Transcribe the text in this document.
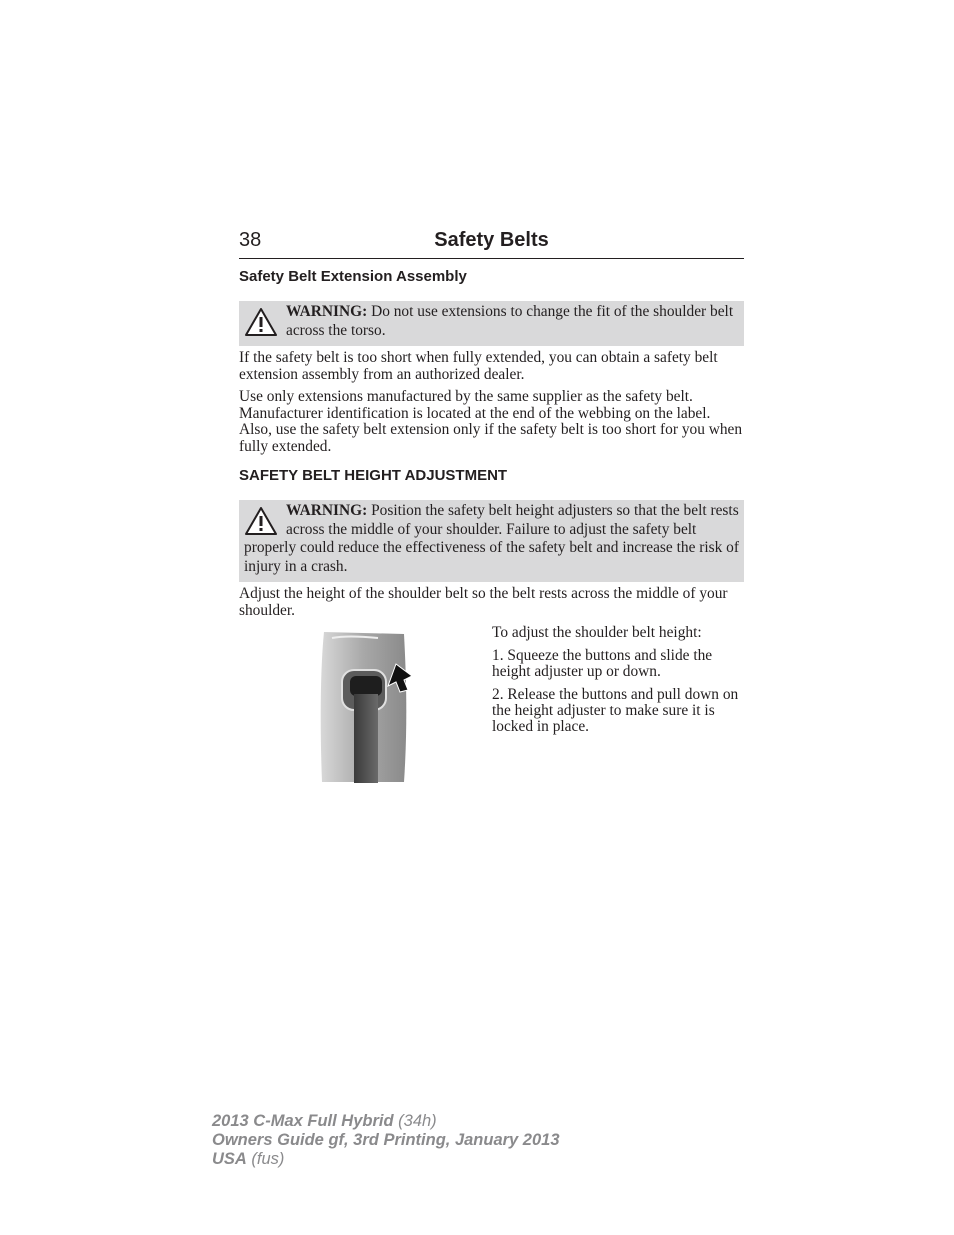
38	Safety Belts
Safety Belt Extension Assembly
WARNING: Do not use extensions to change the fit of the shoulder belt across the torso.

If the safety belt is too short when fully extended, you can obtain a safety belt extension assembly from an authorized dealer.

Use only extensions manufactured by the same supplier as the safety belt. Manufacturer identification is located at the end of the webbing on the label. Also, use the safety belt extension only if the safety belt is too short for you when fully extended.

SAFETY BELT HEIGHT ADJUSTMENT
WARNING: Position the safety belt height adjusters so that the belt rests across the middle of your shoulder. Failure to adjust the safety belt properly could reduce the effectiveness of the safety belt and increase the risk of injury in a crash.

Adjust the height of the shoulder belt so the belt rests across the middle of your shoulder.

To adjust the shoulder belt height:

1. Squeeze the buttons and slide the height adjuster up or down.

2. Release the buttons and pull down on the height adjuster to make sure it is locked in place.

2013 C-Max Full Hybrid (34h)
Owners Guide gf, 3rd Printing, January 2013
USA (fus)
